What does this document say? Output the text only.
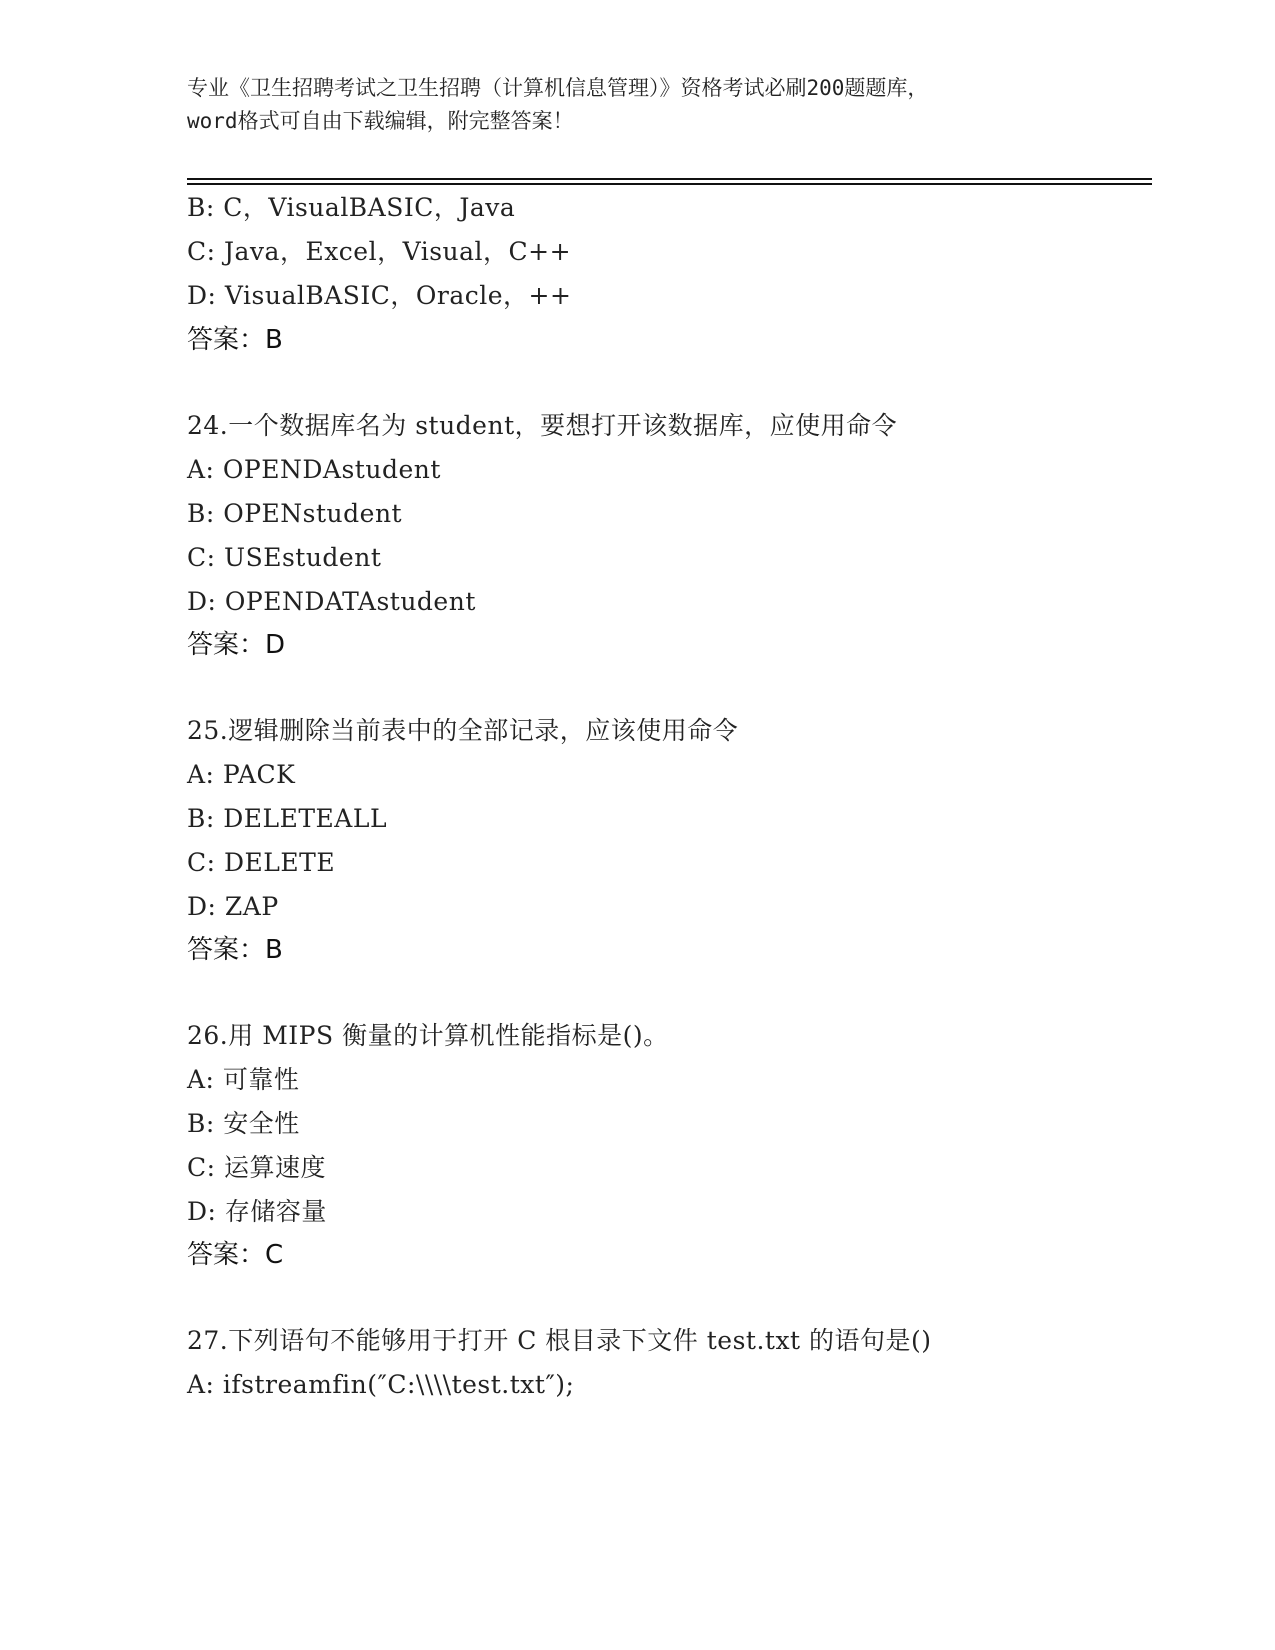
专业《卫生招聘考试之卫生招聘（计算机信息管理）》资格考试必刷200题题库，
word格式可自由下载编辑，附完整答案！
B: C，VisualBASIC，Java
C: Java，Excel，Visual，C++
D: VisualBASIC，Oracle，++
答案：B
24.一个数据库名为 student，要想打开该数据库，应使用命令
A: OPENDAstudent
B: OPENstudent
C: USEstudent
D: OPENDATAstudent
答案：D
25.逻辑删除当前表中的全部记录，应该使用命令
A: PACK
B: DELETEALL
C: DELETE
D: ZAP
答案：B
26.用 MIPS 衡量的计算机性能指标是()。
A: 可靠性
B: 安全性
C: 运算速度
D: 存储容量
答案：C
27.下列语句不能够用于打开 C 根目录下文件 test.txt 的语句是()
A: ifstreamfin(″C:\\\\test.txt″);
